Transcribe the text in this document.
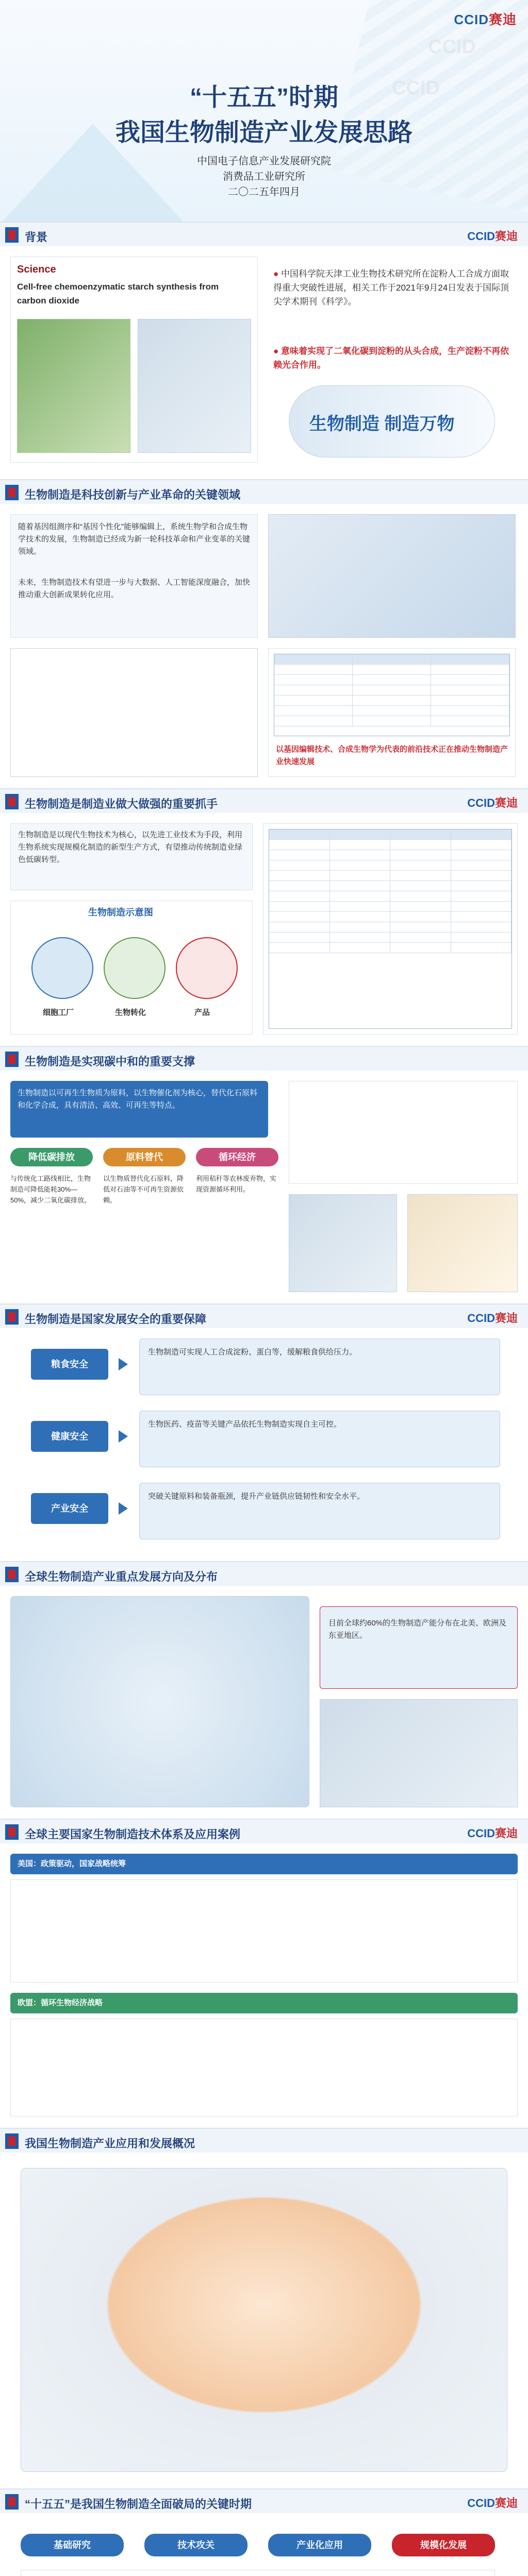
CCID赛迪
CCID
CCID
“十五五”时期
我国生物制造产业发展思路
中国电子信息产业发展研究院
消费品工业研究所
二〇二五年四月
背景	CCID赛迪
Science
Cell-free chemoenzymatic starch synthesis from carbon dioxide
● 中国科学院天津工业生物技术研究所在淀粉人工合成方面取得重大突破性进展，相关工作于2021年9月24日发表于国际顶尖学术期刊《科学》。
● 意味着实现了二氧化碳到淀粉的从头合成，生产淀粉不再依赖光合作用。
生物制造 制造万物
生物制造是科技创新与产业革命的关键领域
随着基因组测序和“基因个性化”能够编辑上，系统生物学和合成生物学技术的发展，生物制造已经成为新一轮科技革命和产业变革的关键领域。
未来，生物制造技术有望进一步与大数据、人工智能深度融合，加快推动重大创新成果转化应用。
以基因编辑技术、合成生物学为代表的前沿技术正在推动生物制造产业快速发展
生物制造是制造业做大做强的重要抓手	CCID赛迪
生物制造是以现代生物技术为核心，以先进工业技术为手段，利用生物系统实现规模化制造的新型生产方式，有望推动传统制造业绿色低碳转型。
生物制造示意图
细胞工厂	生物转化	产品
生物制造是实现碳中和的重要支撑
生物制造以可再生生物质为原料，以生物催化剂为核心，替代化石原料和化学合成，具有清洁、高效、可再生等特点。
降低碳排放	原料替代	循环经济
与传统化工路线相比，生物制造可降低能耗30%—50%，减少二氧化碳排放。
以生物质替代化石原料，降低对石油等不可再生资源依赖。
利用秸秆等农林废弃物，实现资源循环利用。
生物制造是国家发展安全的重要保障	CCID赛迪
粮食安全
健康安全
产业安全
生物制造可实现人工合成淀粉、蛋白等，缓解粮食供给压力。
生物医药、疫苗等关键产品依托生物制造实现自主可控。
突破关键原料和装备瓶颈，提升产业链供应链韧性和安全水平。
全球生物制造产业重点发展方向及分布
目前全球约60%的生物制造产能分布在北美、欧洲及东亚地区。
全球主要国家生物制造技术体系及应用案例	CCID赛迪
美国：政策驱动，国家战略统筹
欧盟：循环生物经济战略
我国生物制造产业应用和发展概况
“十五五”是我国生物制造全面破局的关键时期	CCID赛迪
基础研究	技术攻关	产业化应用	规模化发展
